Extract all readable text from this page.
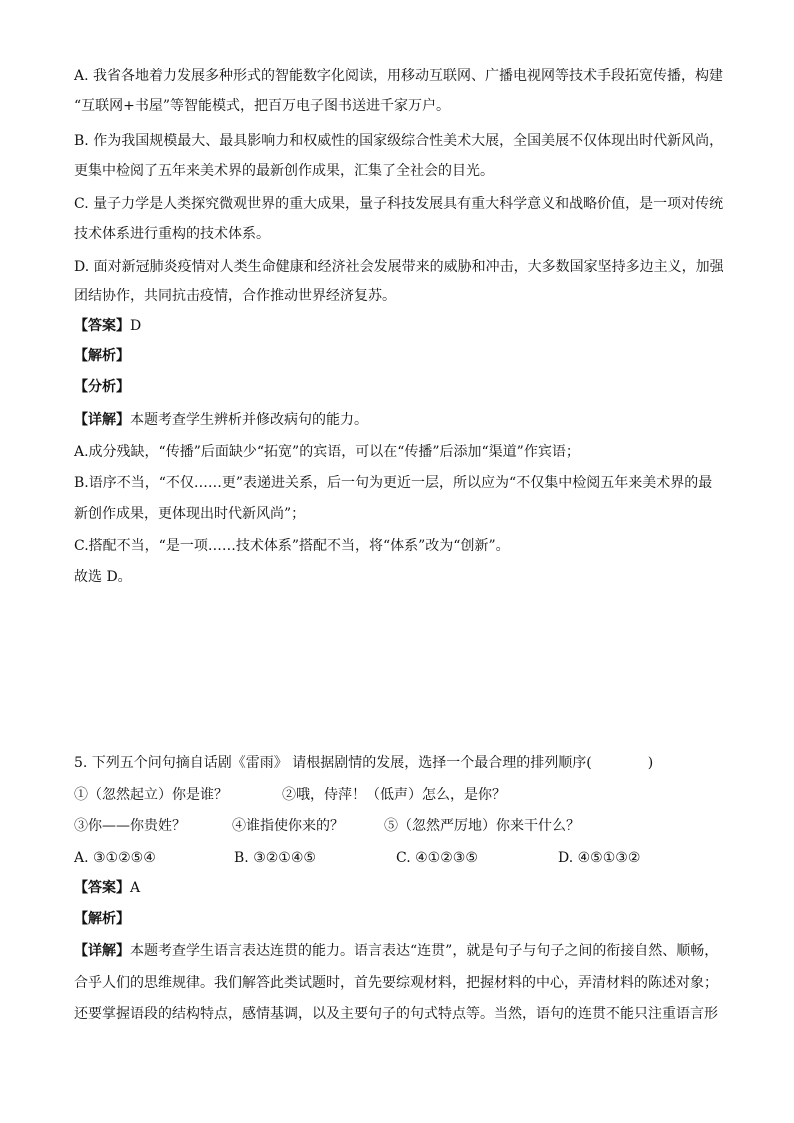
A. 我省各地着力发展多种形式的智能数字化阅读，用移动互联网、广播电视网等技术手段拓宽传播，构建
“互联网+书屋”等智能模式，把百万电子图书送进千家万户。
B. 作为我国规模最大、最具影响力和权威性的国家级综合性美术大展，全国美展不仅体现出时代新风尚，
更集中检阅了五年来美术界的最新创作成果，汇集了全社会的目光。
C. 量子力学是人类探究微观世界的重大成果，量子科技发展具有重大科学意义和战略价值，是一项对传统
技术体系进行重构的技术体系。
D. 面对新冠肺炎疫情对人类生命健康和经济社会发展带来的威胁和冲击，大多数国家坚持多边主义，加强
团结协作，共同抗击疫情，合作推动世界经济复苏。
【答案】D
【解析】
【分析】
【详解】本题考查学生辨析并修改病句的能力。
A.成分残缺，“传播”后面缺少“拓宽”的宾语，可以在“传播”后添加“渠道”作宾语；
B.语序不当，“不仅……更”表递进关系，后一句为更近一层，所以应为“不仅集中检阅五年来美术界的最
新创作成果，更体现出时代新风尚”；
C.搭配不当，“是一项……技术体系”搭配不当，将“体系”改为“创新”。
故选 D。
5. 下列五个问句摘自话剧《雷雨》 请根据剧情的发展，选择一个最合理的排列顺序(　　　　)
①（忽然起立）你是谁？	②哦，侍萍！（低声）怎么，是你？
③你——你贵姓？	④谁指使你来的？	⑤（忽然严厉地）你来干什么？
A. ③①②⑤④	B. ③②①④⑤	C. ④①②③⑤	D. ④⑤①③②
【答案】A
【解析】
【详解】本题考查学生语言表达连贯的能力。语言表达“连贯”，就是句子与句子之间的衔接自然、顺畅，
合乎人们的思维规律。我们解答此类试题时，首先要综观材料，把握材料的中心，弄清材料的陈述对象；
还要掌握语段的结构特点，感情基调，以及主要句子的句式特点等。当然，语句的连贯不能只注重语言形
